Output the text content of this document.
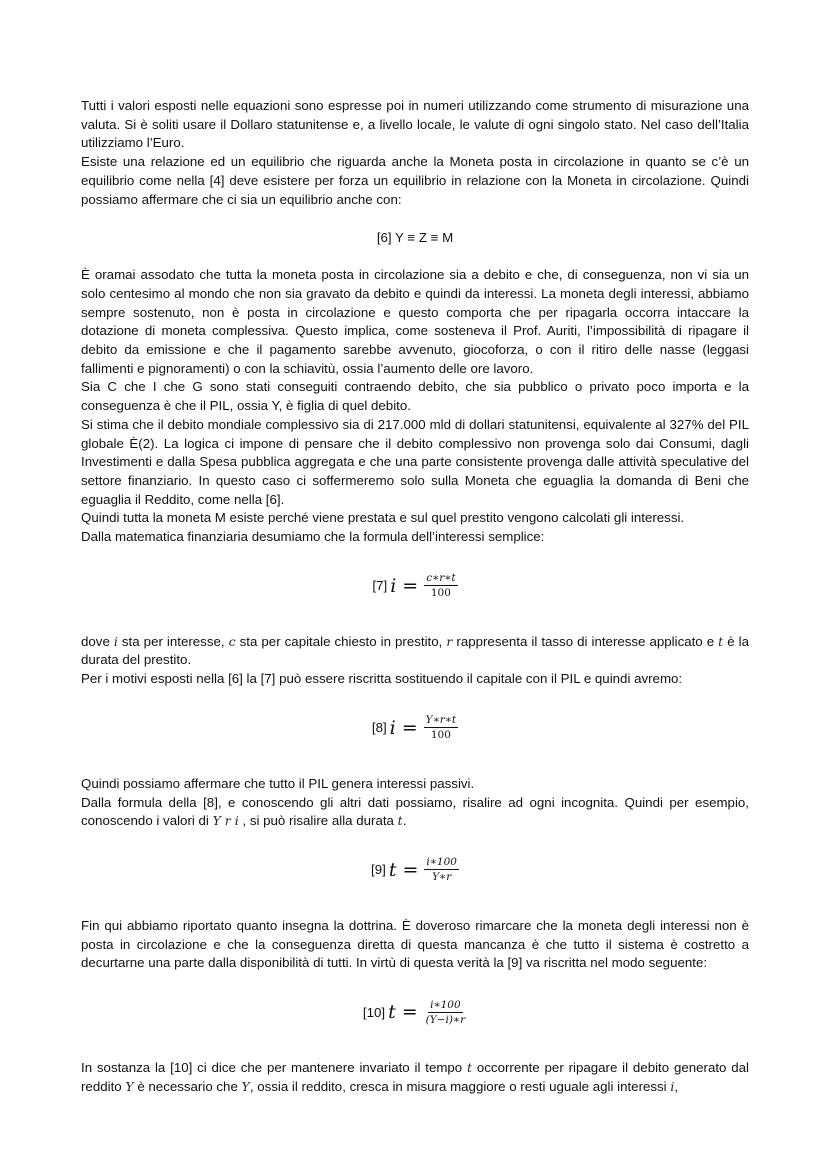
Tutti i valori esposti nelle equazioni sono espresse poi in numeri utilizzando come strumento di misurazione una valuta. Si è soliti usare il Dollaro statunitense e, a livello locale, le valute di ogni singolo stato. Nel caso dell’Italia utilizziamo l’Euro.

Esiste una relazione ed un equilibrio che riguarda anche la Moneta posta in circolazione in quanto se c’è un equilibrio come nella [4] deve esistere per forza un equilibrio in relazione con la Moneta in circolazione. Quindi possiamo affermare che ci sia un equilibrio anche con:

[6] Y ≡ Z ≡ M

È oramai assodato che tutta la moneta posta in circolazione sia a debito e che, di conseguenza, non vi sia un solo centesimo al mondo che non sia gravato da debito e quindi da interessi. La moneta degli interessi, abbiamo sempre sostenuto, non è posta in circolazione e questo comporta che per ripagarla occorra intaccare la dotazione di moneta complessiva. Questo implica, come sosteneva il Prof. Auriti, l’impossibilità di ripagare il debito da emissione e che il pagamento sarebbe avvenuto, giocoforza, o con il ritiro delle nasse (leggasi fallimenti e pignoramenti) o con la schiavitù, ossia l’aumento delle ore lavoro.

Sia C che I che G sono stati conseguiti contraendo debito, che sia pubblico o privato poco importa e la conseguenza è che il PIL, ossia Y, è figlia di quel debito.

Si stima che il debito mondiale complessivo sia di 217.000 mld di dollari statunitensi, equivalente al 327% del PIL globale È(2). La logica ci impone di pensare che il debito complessivo non provenga solo dai Consumi, dagli Investimenti e dalla Spesa pubblica aggregata e che una parte consistente provenga dalle attività speculative del settore finanziario. In questo caso ci soffermeremo solo sulla Moneta che eguaglia la domanda di Beni che eguaglia il Reddito, come nella [6].

Quindi tutta la moneta M esiste perché viene prestata e sul quel prestito vengono calcolati gli interessi.

Dalla matematica finanziaria desumiamo che la formula dell’interessi semplice:

[7] $i = \frac{c∗r∗t}{100}$

dove i sta per interesse, c sta per capitale chiesto in prestito, r rappresenta il tasso di interesse applicato e t è la durata del prestito.

Per i motivi esposti nella [6] la [7] può essere riscritta sostituendo il capitale con il PIL e quindi avremo:

[8] $i = \frac{Y∗r∗t}{100}$

Quindi possiamo affermare che tutto il PIL genera interessi passivi.

Dalla formula della [8], e conoscendo gli altri dati possiamo, risalire ad ogni incognita. Quindi per esempio, conoscendo i valori di Y r i , si può risalire alla durata t.

[9] $t = \frac{i∗100}{Y∗r}$

Fin qui abbiamo riportato quanto insegna la dottrina. È doveroso rimarcare che la moneta degli interessi non è posta in circolazione e che la conseguenza diretta di questa mancanza è che tutto il sistema è costretto a decurtarne una parte dalla disponibilità di tutti. In virtù di questa verità la [9] va riscritta nel modo seguente:

[10] $t = \frac{i∗100}{(Y-i)∗r}$

In sostanza la [10] ci dice che per mantenere invariato il tempo t occorrente per ripagare il debito generato dal reddito Y è necessario che Y, ossia il reddito, cresca in misura maggiore o resti uguale agli interessi i,
